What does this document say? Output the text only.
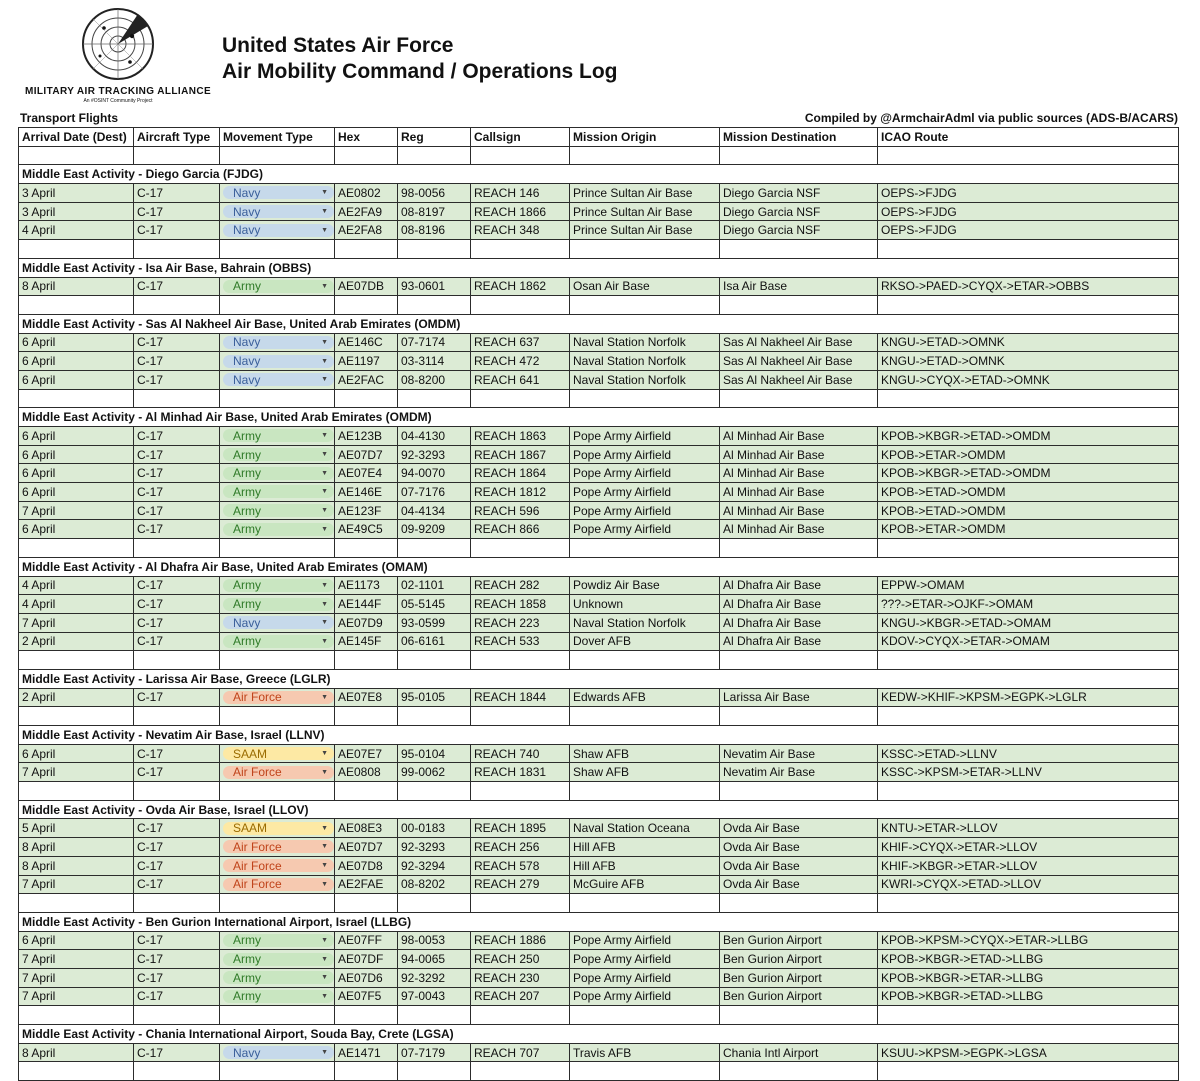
MILITARY AIR TRACKING ALLIANCE
An #OSINT Community Project
United States Air Force
Air Mobility Command / Operations Log
Transport Flights	Compiled by @ArmchairAdml via public sources (ADS-B/ACARS)
Arrival Date (Dest)	Aircraft Type	Movement Type	Hex	Reg	Callsign	Mission Origin	Mission Destination	ICAO Route

Middle East Activity - Diego Garcia (FJDG)								
3 April	C-17	Navy ▼	AE0802	98-0056	REACH 146	Prince Sultan Air Base	Diego Garcia NSF	OEPS->FJDG
3 April	C-17	Navy ▼	AE2FA9	08-8197	REACH 1866	Prince Sultan Air Base	Diego Garcia NSF	OEPS->FJDG
4 April	C-17	Navy ▼	AE2FA8	08-8196	REACH 348	Prince Sultan Air Base	Diego Garcia NSF	OEPS->FJDG

Middle East Activity - Isa Air Base, Bahrain (OBBS)								
8 April	C-17	Army ▼	AE07DB	93-0601	REACH 1862	Osan Air Base	Isa Air Base	RKSO->PAED->CYQX->ETAR->OBBS

Middle East Activity - Sas Al Nakheel Air Base, United Arab Emirates (OMDM)								
6 April	C-17	Navy ▼	AE146C	07-7174	REACH 637	Naval Station Norfolk	Sas Al Nakheel Air Base	KNGU->ETAD->OMNK
6 April	C-17	Navy ▼	AE1197	03-3114	REACH 472	Naval Station Norfolk	Sas Al Nakheel Air Base	KNGU->ETAD->OMNK
6 April	C-17	Navy ▼	AE2FAC	08-8200	REACH 641	Naval Station Norfolk	Sas Al Nakheel Air Base	KNGU->CYQX->ETAD->OMNK

Middle East Activity - Al Minhad Air Base, United Arab Emirates (OMDM)								
6 April	C-17	Army ▼	AE123B	04-4130	REACH 1863	Pope Army Airfield	Al Minhad Air Base	KPOB->KBGR->ETAD->OMDM
6 April	C-17	Army ▼	AE07D7	92-3293	REACH 1867	Pope Army Airfield	Al Minhad Air Base	KPOB->ETAR->OMDM
6 April	C-17	Army ▼	AE07E4	94-0070	REACH 1864	Pope Army Airfield	Al Minhad Air Base	KPOB->KBGR->ETAD->OMDM
6 April	C-17	Army ▼	AE146E	07-7176	REACH 1812	Pope Army Airfield	Al Minhad Air Base	KPOB->ETAD->OMDM
7 April	C-17	Army ▼	AE123F	04-4134	REACH 596	Pope Army Airfield	Al Minhad Air Base	KPOB->ETAD->OMDM
6 April	C-17	Army ▼	AE49C5	09-9209	REACH 866	Pope Army Airfield	Al Minhad Air Base	KPOB->ETAR->OMDM

Middle East Activity - Al Dhafra Air Base, United Arab Emirates (OMAM)								
4 April	C-17	Army ▼	AE1173	02-1101	REACH 282	Powdiz Air Base	Al Dhafra Air Base	EPPW->OMAM
4 April	C-17	Army ▼	AE144F	05-5145	REACH 1858	Unknown	Al Dhafra Air Base	???->ETAR->OJKF->OMAM
7 April	C-17	Navy ▼	AE07D9	93-0599	REACH 223	Naval Station Norfolk	Al Dhafra Air Base	KNGU->KBGR->ETAD->OMAM
2 April	C-17	Army ▼	AE145F	06-6161	REACH 533	Dover AFB	Al Dhafra Air Base	KDOV->CYQX->ETAR->OMAM

Middle East Activity - Larissa Air Base, Greece (LGLR)								
2 April	C-17	Air Force ▼	AE07E8	95-0105	REACH 1844	Edwards AFB	Larissa Air Base	KEDW->KHIF->KPSM->EGPK->LGLR

Middle East Activity - Nevatim Air Base, Israel (LLNV)								
6 April	C-17	SAAM ▼	AE07E7	95-0104	REACH 740	Shaw AFB	Nevatim Air Base	KSSC->ETAD->LLNV
7 April	C-17	Air Force ▼	AE0808	99-0062	REACH 1831	Shaw AFB	Nevatim Air Base	KSSC->KPSM->ETAR->LLNV

Middle East Activity - Ovda Air Base, Israel (LLOV)								
5 April	C-17	SAAM ▼	AE08E3	00-0183	REACH 1895	Naval Station Oceana	Ovda Air Base	KNTU->ETAR->LLOV
8 April	C-17	Air Force ▼	AE07D7	92-3293	REACH 256	Hill AFB	Ovda Air Base	KHIF->CYQX->ETAR->LLOV
8 April	C-17	Air Force ▼	AE07D8	92-3294	REACH 578	Hill AFB	Ovda Air Base	KHIF->KBGR->ETAR->LLOV
7 April	C-17	Air Force ▼	AE2FAE	08-8202	REACH 279	McGuire AFB	Ovda Air Base	KWRI->CYQX->ETAD->LLOV

Middle East Activity - Ben Gurion International Airport, Israel (LLBG)								
6 April	C-17	Army ▼	AE07FF	98-0053	REACH 1886	Pope Army Airfield	Ben Gurion Airport	KPOB->KPSM->CYQX->ETAR->LLBG
7 April	C-17	Army ▼	AE07DF	94-0065	REACH 250	Pope Army Airfield	Ben Gurion Airport	KPOB->KBGR->ETAD->LLBG
7 April	C-17	Army ▼	AE07D6	92-3292	REACH 230	Pope Army Airfield	Ben Gurion Airport	KPOB->KBGR->ETAR->LLBG
7 April	C-17	Army ▼	AE07F5	97-0043	REACH 207	Pope Army Airfield	Ben Gurion Airport	KPOB->KBGR->ETAD->LLBG

Middle East Activity - Chania International Airport, Souda Bay, Crete (LGSA)								
8 April	C-17	Navy ▼	AE1471	07-7179	REACH 707	Travis AFB	Chania Intl Airport	KSUU->KPSM->EGPK->LGSA
